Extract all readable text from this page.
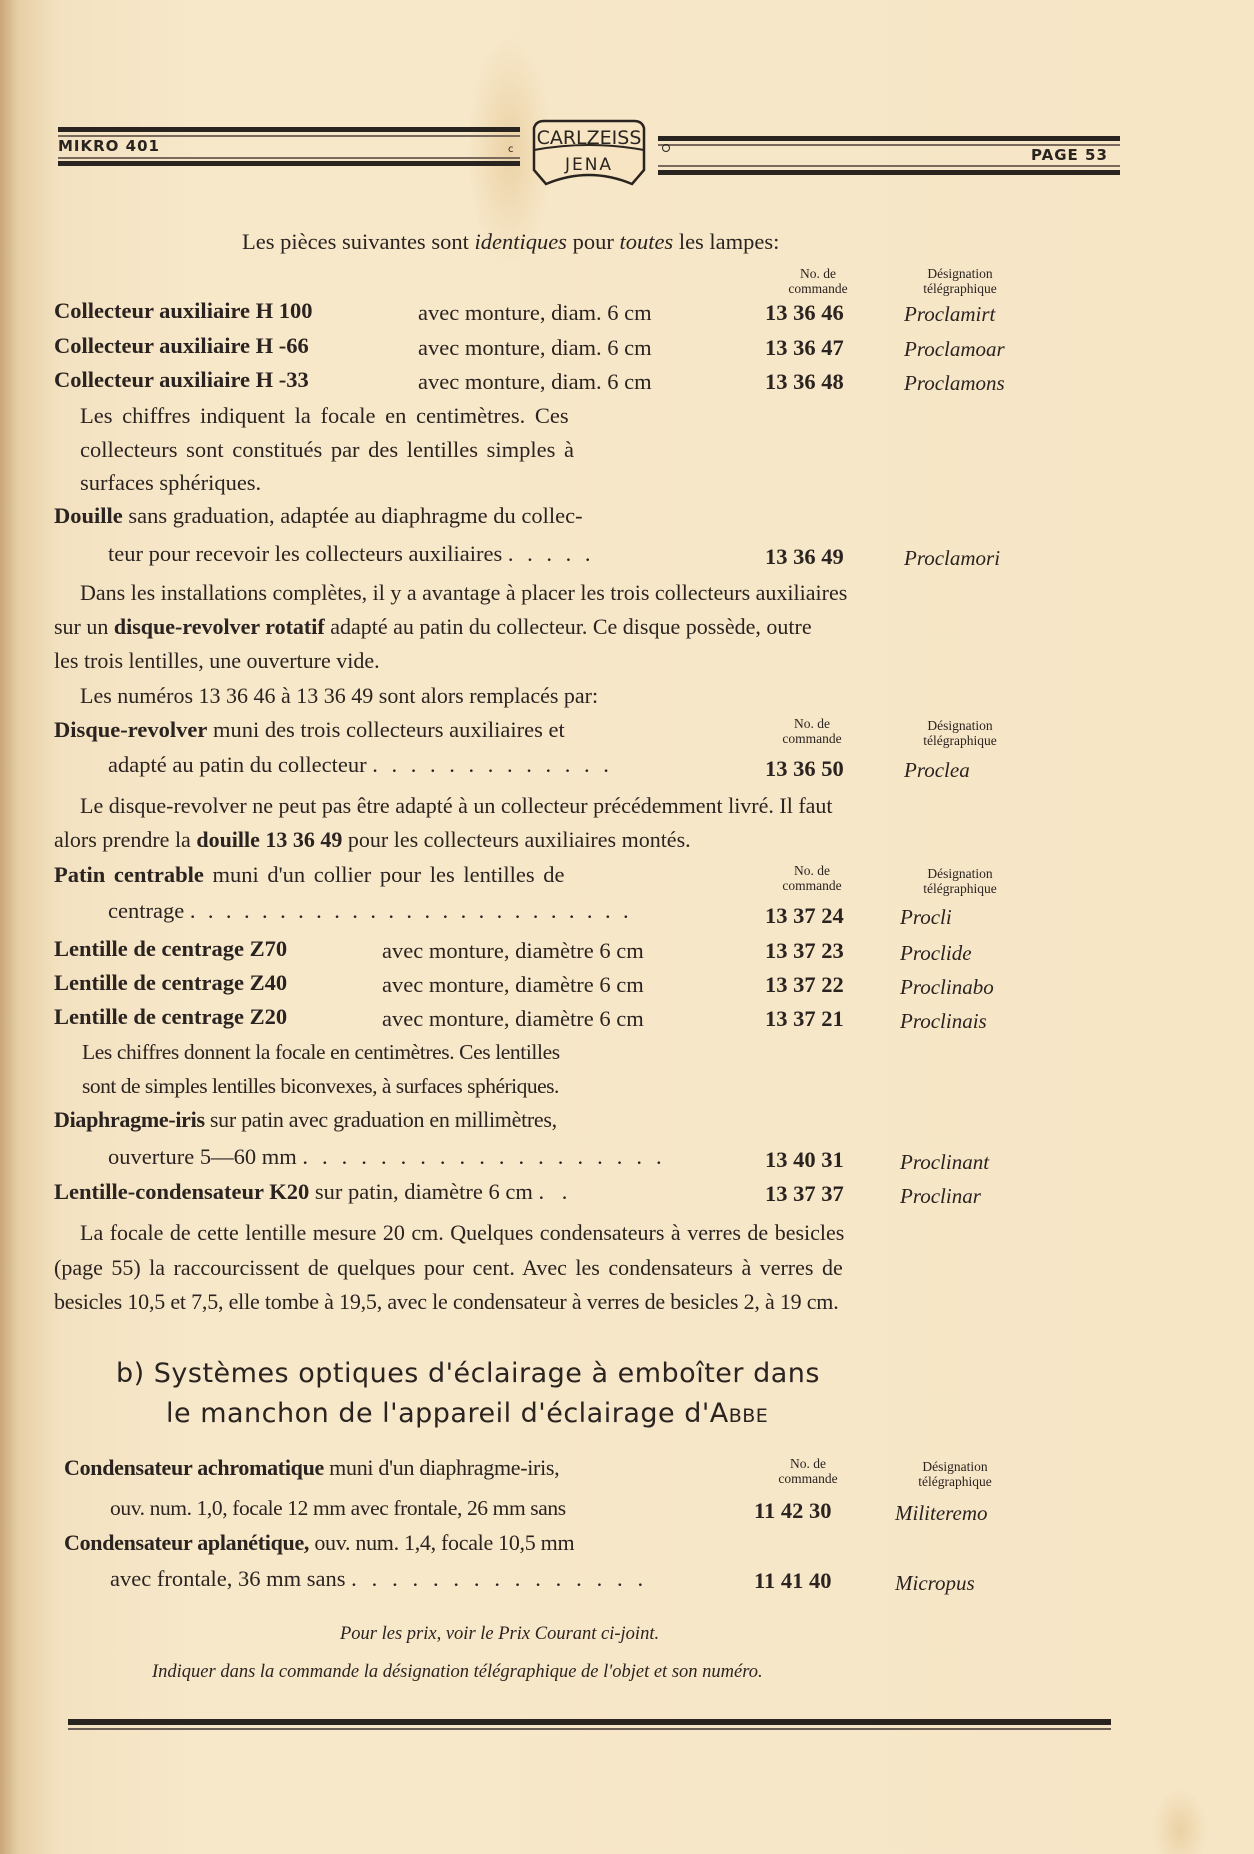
MIKRO 401	PAGE 53
CARLZEISS
JENA
c
Les pièces suivantes sont identiques pour toutes les lampes:
No. de
commande
Désignation
télégraphique
Collecteur auxiliaire H 100	avec monture, diam. 6 cm	13 36 46	Proclamirt
Collecteur auxiliaire H -66	avec monture, diam. 6 cm	13 36 47	Proclamoar
Collecteur auxiliaire H -33	avec monture, diam. 6 cm	13 36 48	Proclamons
Les chiffres indiquent la focale en centimètres. Ces
collecteurs sont constitués par des lentilles simples à
surfaces sphériques.
Douille sans graduation, adaptée au diaphragme du collec-
teur pour recevoir les collecteurs auxiliaires . . . . .	13 36 49	Proclamori
Dans les installations complètes, il y a avantage à placer les trois collecteurs auxiliaires
sur un disque-revolver rotatif adapté au patin du collecteur. Ce disque possède, outre
les trois lentilles, une ouverture vide.
Les numéros 13 36 46 à 13 36 49 sont alors remplacés par:
Disque-revolver muni des trois collecteurs auxiliaires et	No. de
commande
Désignation
télégraphique
adapté au patin du collecteur . . . . . . . . . . . . .	13 36 50	Proclea
Le disque-revolver ne peut pas être adapté à un collecteur précédemment livré. Il faut
alors prendre la douille 13 36 49 pour les collecteurs auxiliaires montés.
Patin centrable muni d'un collier pour les lentilles de	No. de
commande
Désignation
télégraphique
centrage . . . . . . . . . . . . . . . . . . . . . . . . .	13 37 24	Procli
Lentille de centrage Z70	avec monture, diamètre 6 cm	13 37 23	Proclide
Lentille de centrage Z40	avec monture, diamètre 6 cm	13 37 22	Proclinabo
Lentille de centrage Z20	avec monture, diamètre 6 cm	13 37 21	Proclinais
Les chiffres donnent la focale en centimètres. Ces lentilles
sont de simples lentilles biconvexes, à surfaces sphériques.
Diaphragme-iris sur patin avec graduation en millimètres,
ouverture 5—60 mm . . . . . . . . . . . . . . . . . . .	13 40 31	Proclinant
Lentille-condensateur K20 sur patin, diamètre 6 cm . .	13 37 37	Proclinar
La focale de cette lentille mesure 20 cm. Quelques condensateurs à verres de besicles
(page 55) la raccourcissent de quelques pour cent. Avec les condensateurs à verres de
besicles 10,5 et 7,5, elle tombe à 19,5, avec le condensateur à verres de besicles 2, à 19 cm.
b) Systèmes optiques d'éclairage à emboîter dans
le manchon de l'appareil d'éclairage d'Abbe
Condensateur achromatique muni d'un diaphragme-iris,	No. de
commande
Désignation
télégraphique
ouv. num. 1,0, focale 12 mm avec frontale, 26 mm sans	11 42 30	Militeremo
Condensateur aplanétique, ouv. num. 1,4, focale 10,5 mm
avec frontale, 36 mm sans . . . . . . . . . . . . . . .	11 41 40	Micropus
Pour les prix, voir le Prix Courant ci-joint.
Indiquer dans la commande la désignation télégraphique de l'objet et son numéro.
